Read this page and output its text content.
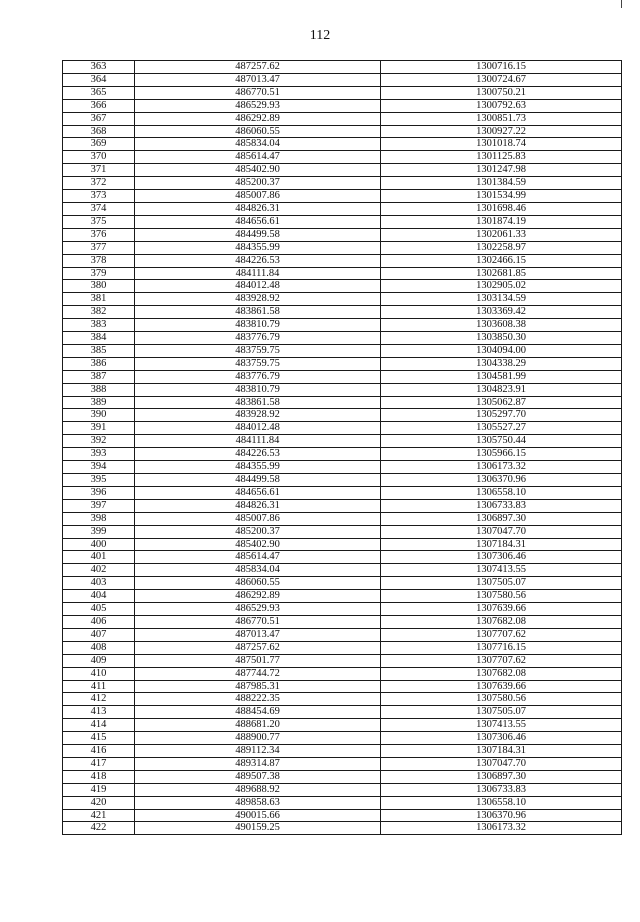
112
363	487257.62	1300716.15
364	487013.47	1300724.67
365	486770.51	1300750.21
366	486529.93	1300792.63
367	486292.89	1300851.73
368	486060.55	1300927.22
369	485834.04	1301018.74
370	485614.47	1301125.83
371	485402.90	1301247.98
372	485200.37	1301384.59
373	485007.86	1301534.99
374	484826.31	1301698.46
375	484656.61	1301874.19
376	484499.58	1302061.33
377	484355.99	1302258.97
378	484226.53	1302466.15
379	484111.84	1302681.85
380	484012.48	1302905.02
381	483928.92	1303134.59
382	483861.58	1303369.42
383	483810.79	1303608.38
384	483776.79	1303850.30
385	483759.75	1304094.00
386	483759.75	1304338.29
387	483776.79	1304581.99
388	483810.79	1304823.91
389	483861.58	1305062.87
390	483928.92	1305297.70
391	484012.48	1305527.27
392	484111.84	1305750.44
393	484226.53	1305966.15
394	484355.99	1306173.32
395	484499.58	1306370.96
396	484656.61	1306558.10
397	484826.31	1306733.83
398	485007.86	1306897.30
399	485200.37	1307047.70
400	485402.90	1307184.31
401	485614.47	1307306.46
402	485834.04	1307413.55
403	486060.55	1307505.07
404	486292.89	1307580.56
405	486529.93	1307639.66
406	486770.51	1307682.08
407	487013.47	1307707.62
408	487257.62	1307716.15
409	487501.77	1307707.62
410	487744.72	1307682.08
411	487985.31	1307639.66
412	488222.35	1307580.56
413	488454.69	1307505.07
414	488681.20	1307413.55
415	488900.77	1307306.46
416	489112.34	1307184.31
417	489314.87	1307047.70
418	489507.38	1306897.30
419	489688.92	1306733.83
420	489858.63	1306558.10
421	490015.66	1306370.96
422	490159.25	1306173.32
